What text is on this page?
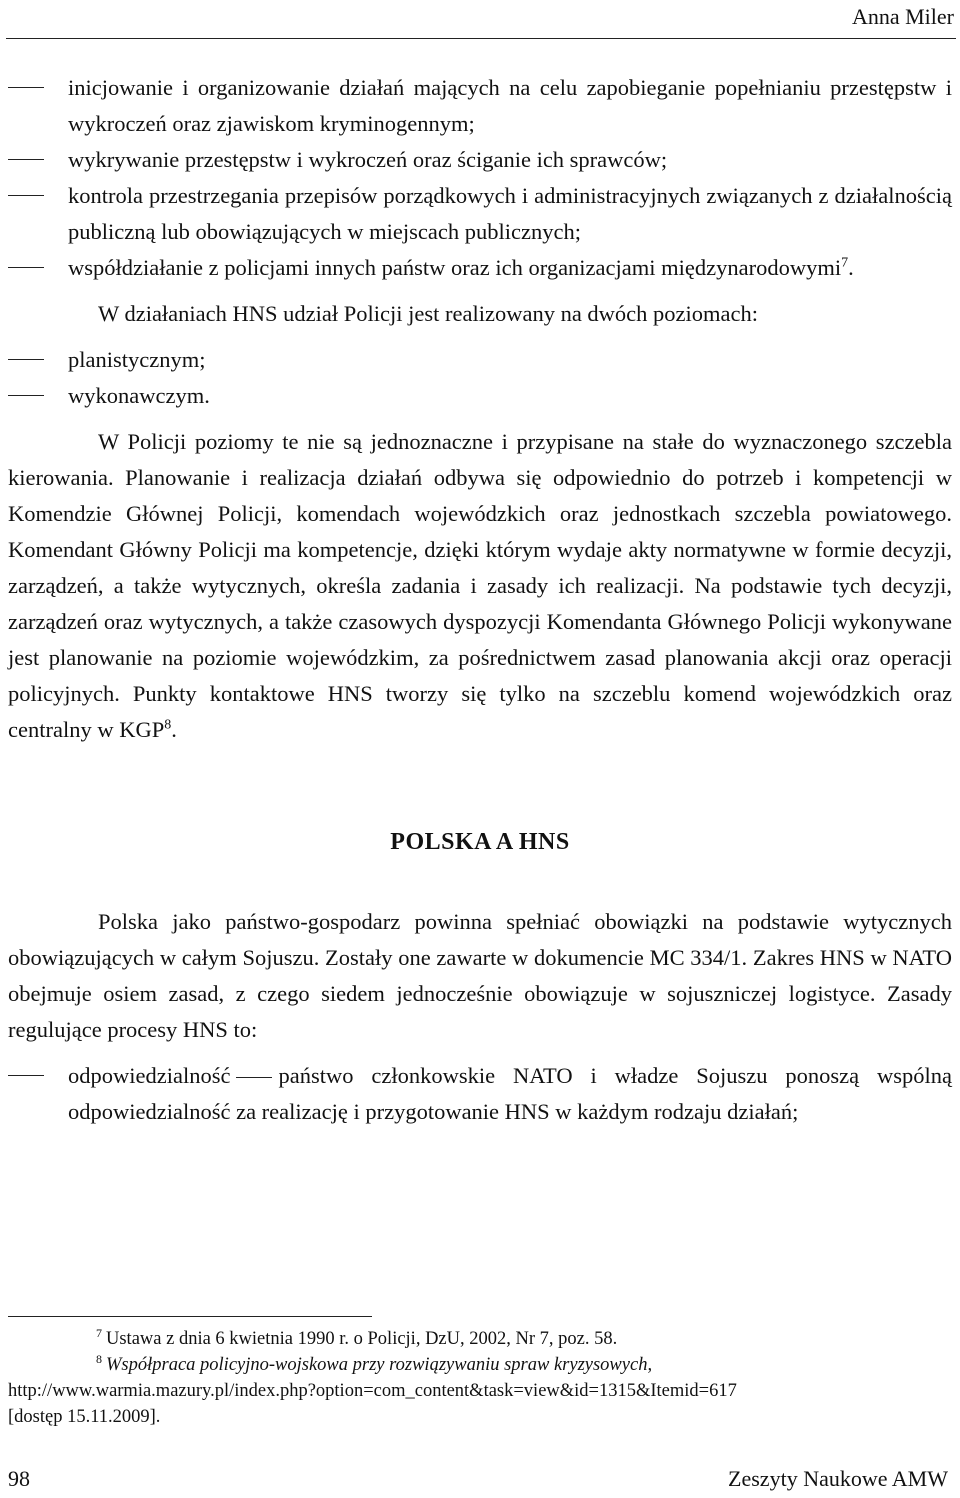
Anna Miler
inicjowanie i organizowanie działań mających na celu zapobieganie popełnianiu przestępstw i wykroczeń oraz zjawiskom kryminogennym;
wykrywanie przestępstw i wykroczeń oraz ściganie ich sprawców;
kontrola przestrzegania przepisów porządkowych i administracyjnych związanych z działalnością publiczną lub obowiązujących w miejscach publicznych;
współdziałanie z policjami innych państw oraz ich organizacjami międzynarodowymi$^7$.
W działaniach HNS udział Policji jest realizowany na dwóch poziomach:
planistycznym;
wykonawczym.
W Policji poziomy te nie są jednoznaczne i przypisane na stałe do wyznaczonego szczebla kierowania. Planowanie i realizacja działań odbywa się odpowiednio do potrzeb i kompetencji w Komendzie Głównej Policji, komendach wojewódzkich oraz jednostkach szczebla powiatowego. Komendant Główny Policji ma kompetencje, dzięki którym wydaje akty normatywne w formie decyzji, zarządzeń, a także wytycznych, określa zadania i zasady ich realizacji. Na podstawie tych decyzji, zarządzeń oraz wytycznych, a także czasowych dyspozycji Komendanta Głównego Policji wykonywane jest planowanie na poziomie wojewódzkim, za pośrednictwem zasad planowania akcji oraz operacji policyjnych. Punkty kontaktowe HNS tworzy się tylko na szczeblu komend wojewódzkich oraz centralny w KGP$^8$.
POLSKA A HNS
Polska jako państwo-gospodarz powinna spełniać obowiązki na podstawie wytycznych obowiązujących w całym Sojuszu. Zostały one zawarte w dokumencie MC 334/1. Zakres HNS w NATO obejmuje osiem zasad, z czego siedem jednocześnie obowiązuje w sojuszniczej logistyce. Zasady regulujące procesy HNS to:
odpowiedzialność państwo członkowskie NATO i władze Sojuszu ponoszą wspólną odpowiedzialność za realizację i przygotowanie HNS w każdym rodzaju działań;
$^7$ Ustawa z dnia 6 kwietnia 1990 r. o Policji, DzU, 2002, Nr 7, poz. 58.
$^8$ Współpraca policyjno-wojskowa przy rozwiązywaniu spraw kryzysowych,
http://www.warmia.mazury.pl/index.php?option=com_content&task=view&id=1315&Itemid=617
[dostęp 15.11.2009].
98	Zeszyty Naukowe AMW
